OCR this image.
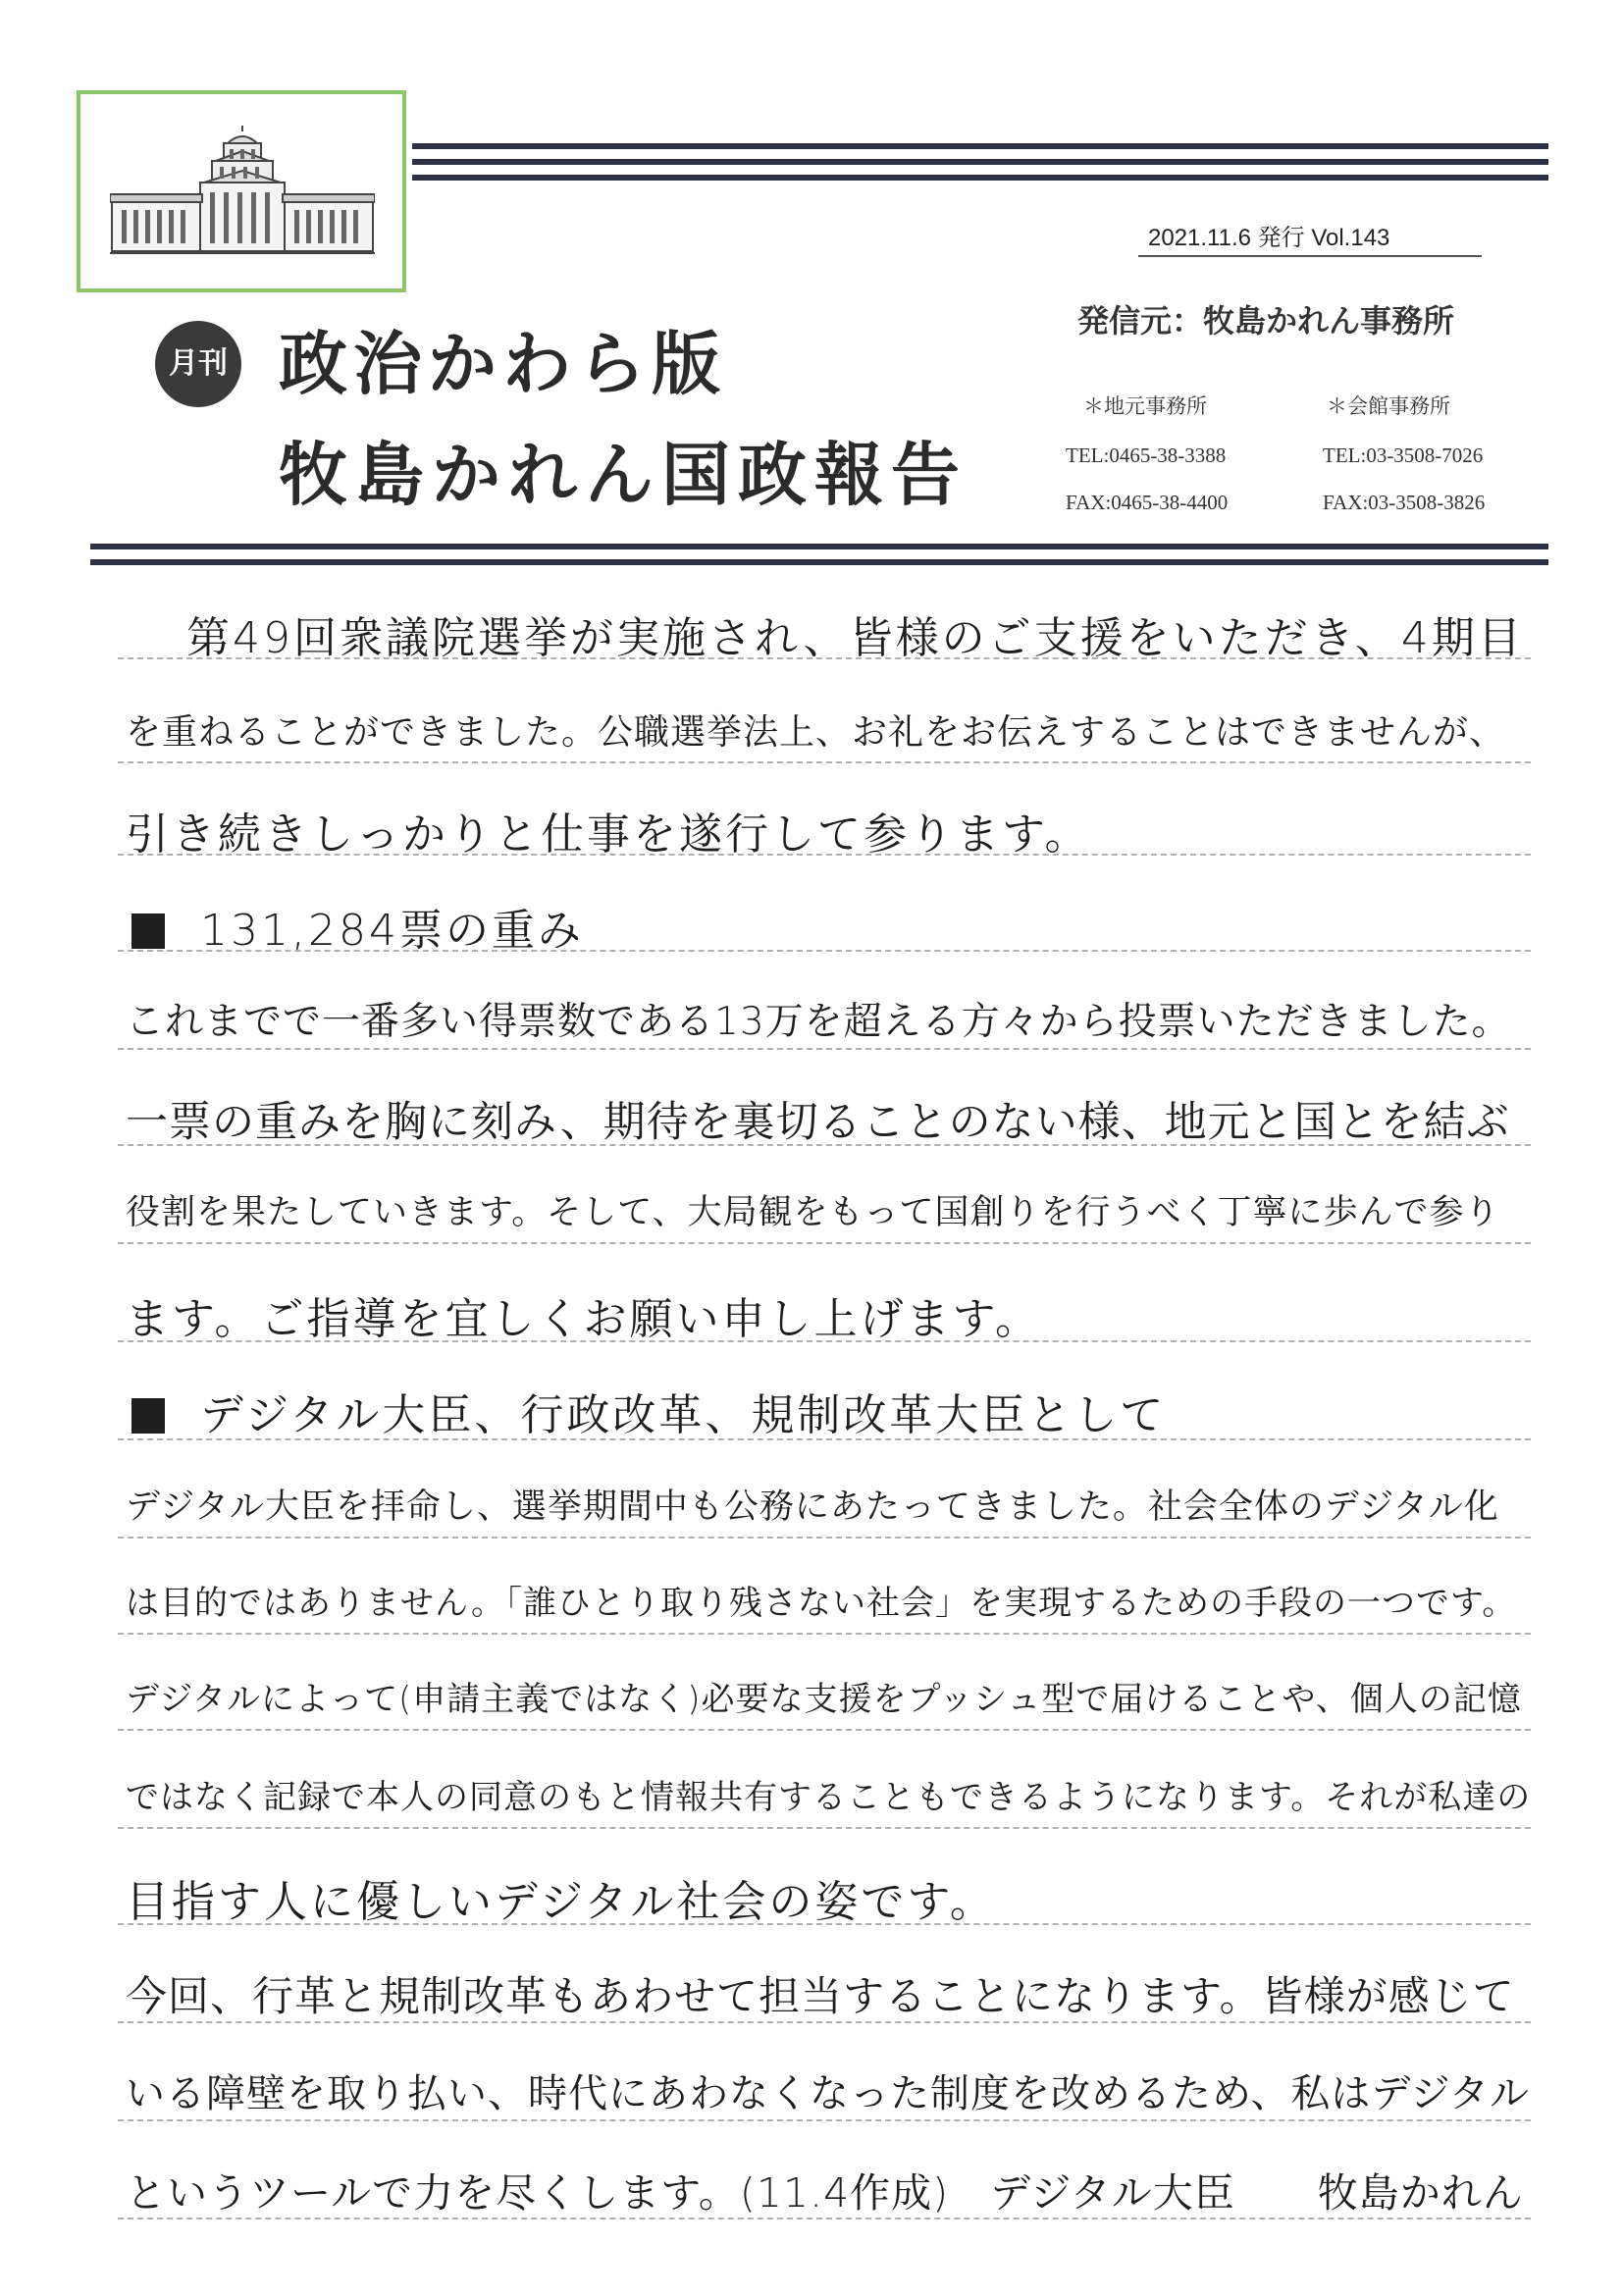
2021.11.6 発行 Vol.143
月刊 政治かわら版
牧島かれん国政報告
発信元：牧島かれん事務所
＊地元事務所
TEL:0465-38-3388
FAX:0465-38-4400
＊会館事務所
TEL:03-3508-7026
FAX:03-3508-3826
第49回衆議院選挙が実施され、皆様のご支援をいただき、4期目
を重ねることができました。公職選挙法上、お礼をお伝えすることはできませんが、
引き続きしっかりと仕事を遂行して参ります。
131,284票の重み
これまでで一番多い得票数である13万を超える方々から投票いただきました。
一票の重みを胸に刻み、期待を裏切ることのない様、地元と国とを結ぶ
役割を果たしていきます。そして、大局観をもって国創りを行うべく丁寧に歩んで参り
ます。ご指導を宜しくお願い申し上げます。
デジタル大臣、行政改革、規制改革大臣として
デジタル大臣を拝命し、選挙期間中も公務にあたってきました。社会全体のデジタル化
は目的ではありません。「誰ひとり取り残さない社会」を実現するための手段の一つです。
デジタルによって(申請主義ではなく)必要な支援をプッシュ型で届けることや、個人の記憶
ではなく記録で本人の同意のもと情報共有することもできるようになります。それが私達の
目指す人に優しいデジタル社会の姿です。
今回、行革と規制改革もあわせて担当することになります。皆様が感じて
いる障壁を取り払い、時代にあわなくなった制度を改めるため、私はデジタル
というツールで力を尽くします。(11.4作成)　デジタル大臣　　牧島かれん
